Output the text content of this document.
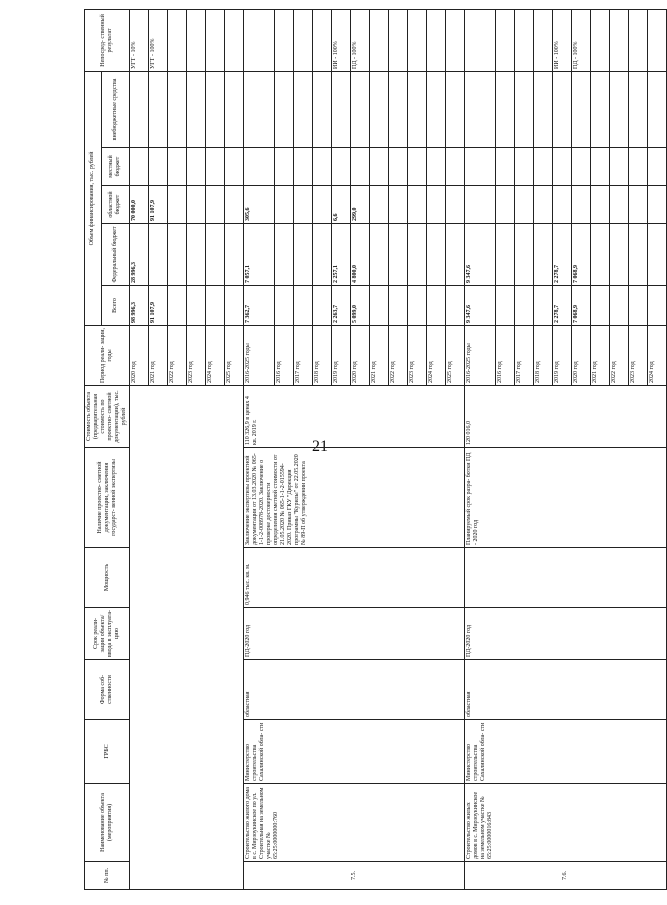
21
№ пп.	Наименование объекта (мероприятия)	ГРБС	Форма соб- ственности	Срок реали- зации объекта/ввода в эксплуата- цию	Мощность	Наличие проектно- сметной документации, заключения государст- венной экспертизы	Стоимость объекта (предварительная стоимость по проектно- сметной документации), тыс. рублей	Период реали- зации, годы	Объем финансирования, тыс. рублей					Непосред- ственный результат
									Всего	Федеральный бюджет	областной бюджет	местный бюджет	внебюджетные средства	
								2020 год	98 996,3	28 996,3	70 000,0			УГТ - 10%
								2021 год	91 107,9		91 107,9			УГТ - 100%
								2022 год						
								2023 год						
								2024 год						
								2025 год						
7.5.	Строительство жилого дома в с. Мирзоукинское по ул. Строительная на земельном участке № 65:25:0000000:760	Министерство строительства Сахалинской обла- сти	областная	ПД-2020 год	0,946 тыс. кв. м.	Заключение экспертизы проектной документации от 13.03.2020 № 065-1-1-2-008978-2020. Заключение о проверке достоверности определения сметной стоимости от 21.05.2020 № 065-1-1-2-015594-2020. Приказ ГКУ "Дирекция программы "Курилы" от 22.05.2020 № 89-П об утверждении проекта	110 326,9 в ценах 4 кв. 2019 г.	2016-2025 годы	7 362,7	7 057,1	305,6			
								2016 год						
								2017 год						
								2018 год						
								2019 год	2 263,7	2 257,1	6,6			ИИ - 100%
								2020 год	5 099,0	4 800,0	299,0			ПД - 100%
								2021 год						
								2022 год						
								2023 год						
								2024 год						
								2025 год						
7.6.	Строительство жилых домов в с. Мирзоукинское на земельном участке № 65:25:0000016:843	Министерство строительства Сахалинской обла- сти	областная	ПД-2020 год		Планируемый срок разра- ботки ПД - 2020 год	120 016,0	2016-2025 годы	9 347,6	9 347,6				
								2016 год						
								2017 год						
								2018 год						
								2019 год	2 278,7	2 278,7				ИИ - 100%
								2020 год	7 068,9	7 068,9				ПД - 100%
								2021 год						
								2022 год						
								2023 год						
								2024 год						
